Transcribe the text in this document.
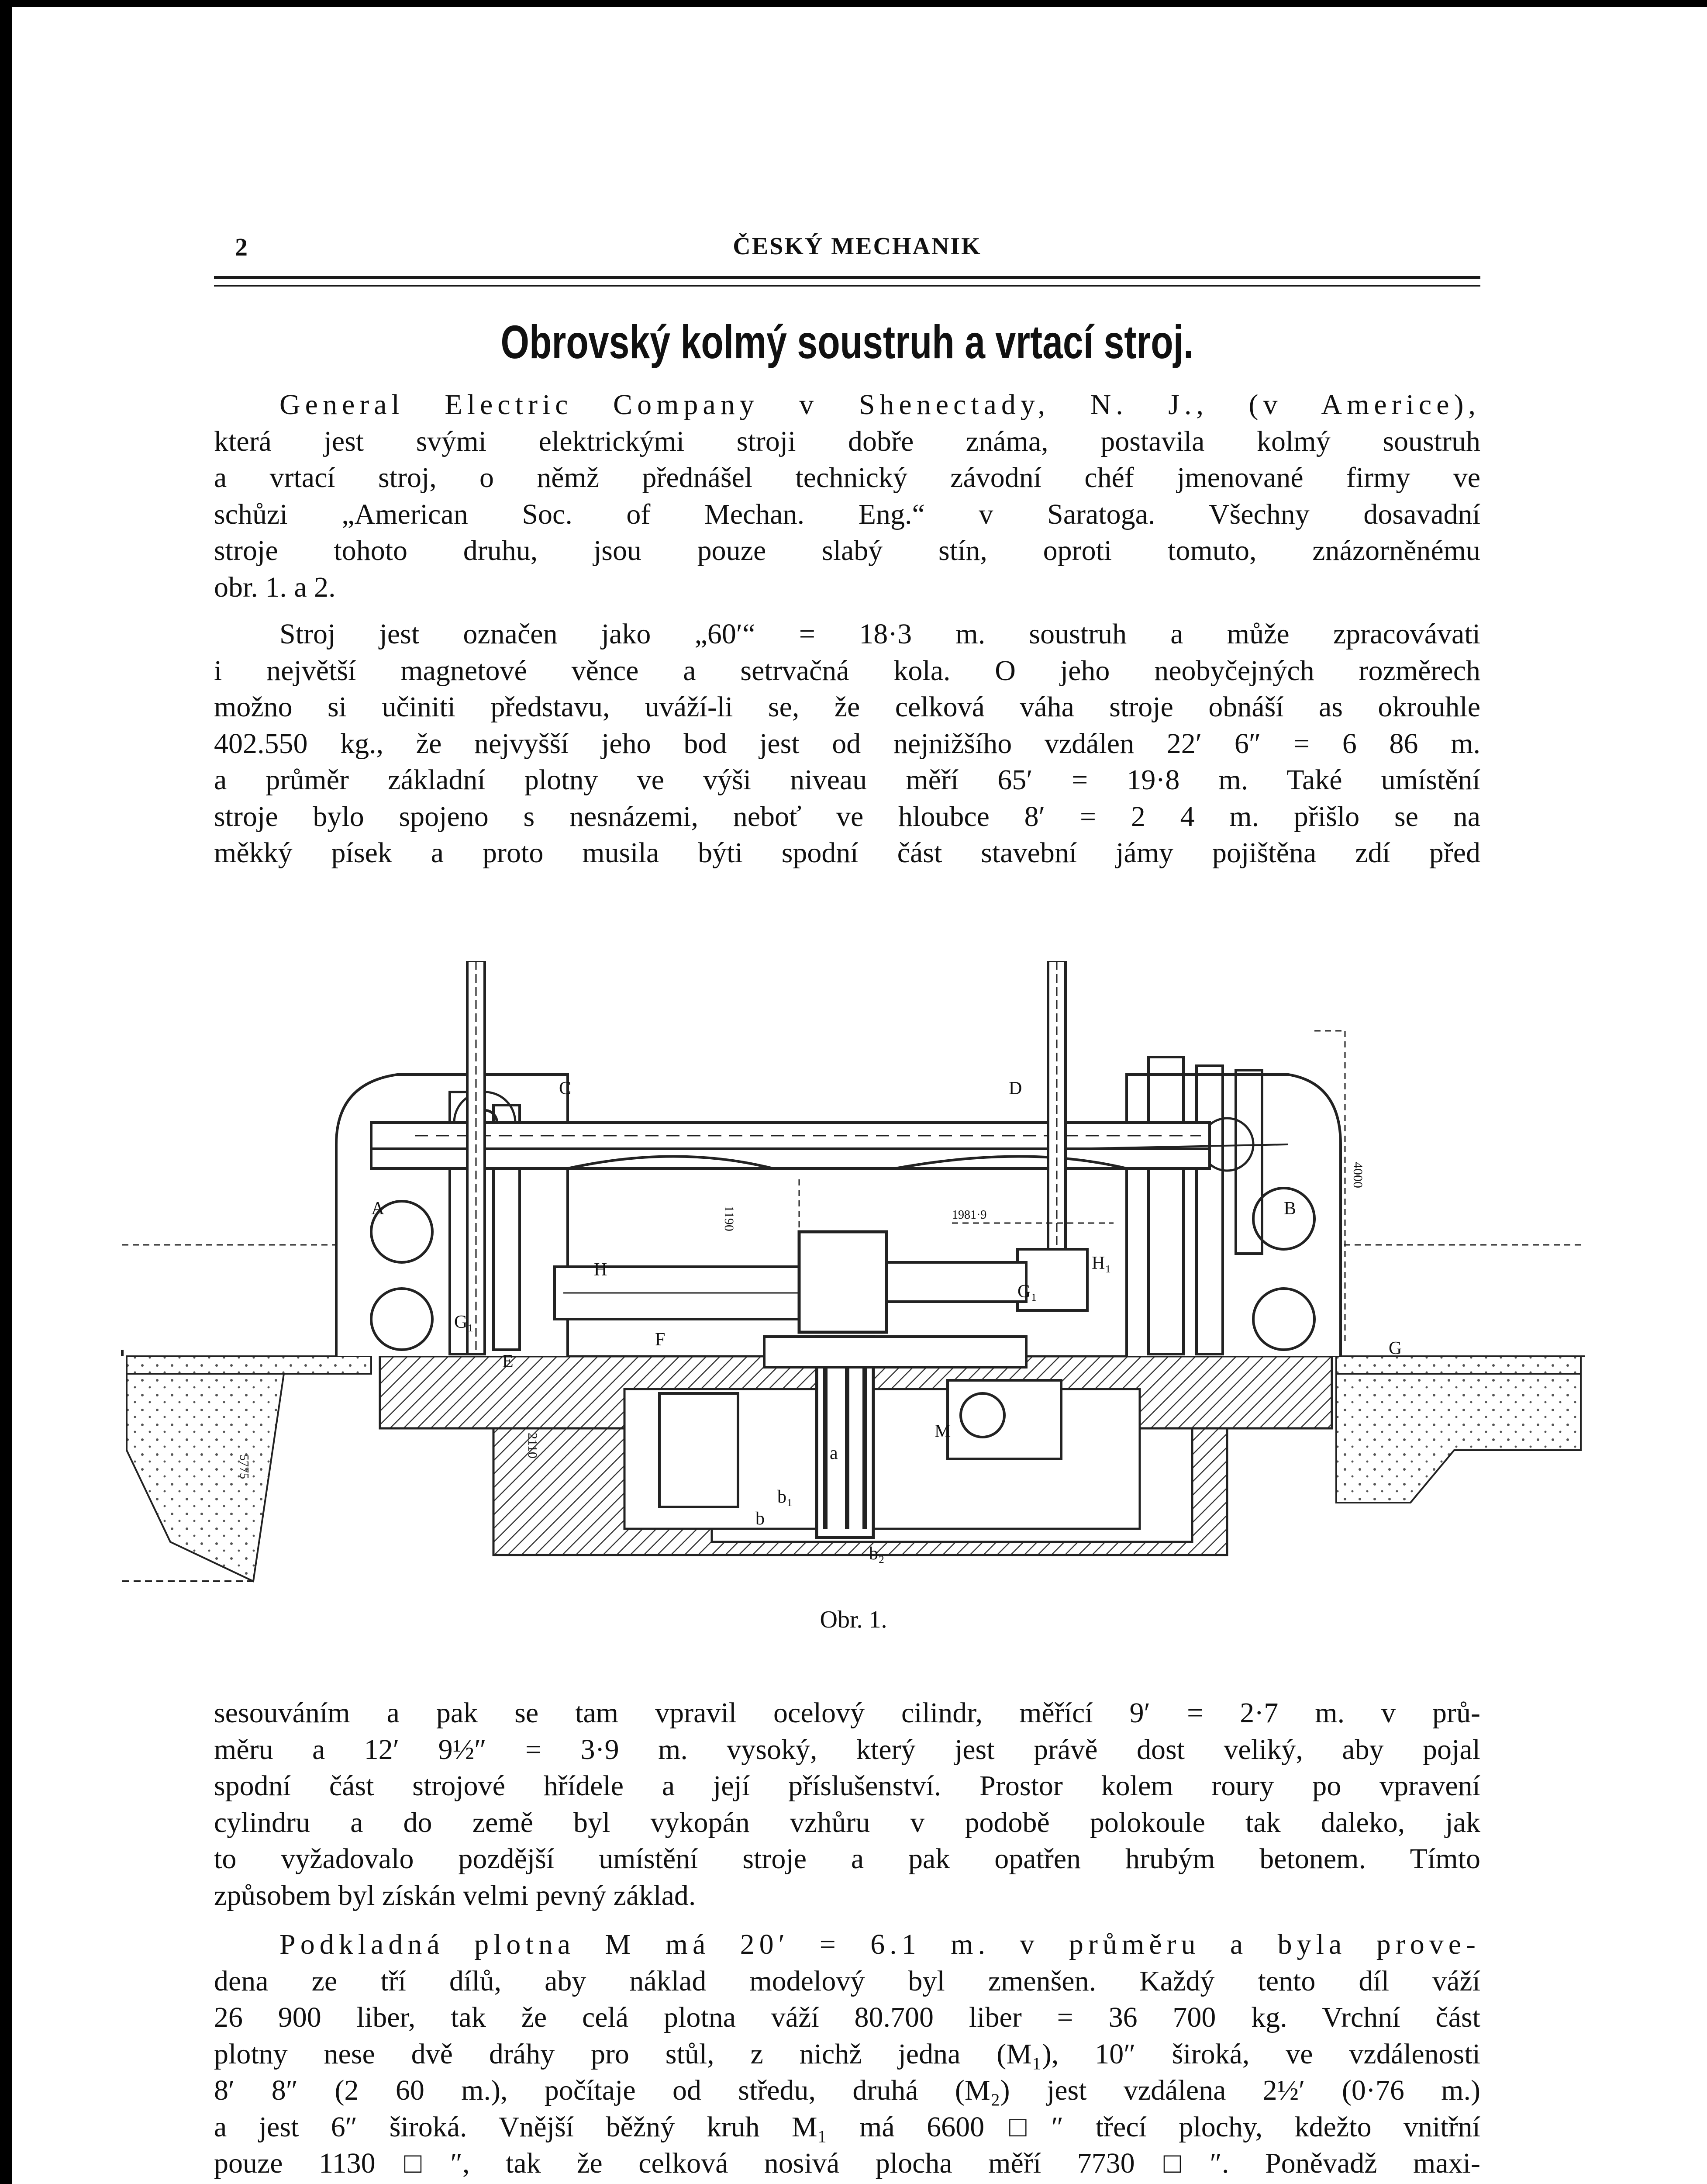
2	ČESKÝ MECHANIK
Obrovský kolmý soustruh a vrtací stroj.

General Electric Company v Shenectady, N. J., (v Americe),
která jest svými elektrickými stroji dobře známa, postavila kolmý soustruh
a vrtací stroj, o němž přednášel technický závodní chéf jmenované firmy ve
schůzi „American Soc. of Mechan. Eng.“ v Saratoga. Všechny dosavadní
stroje tohoto druhu, jsou pouze slabý stín, oproti tomuto, znázorněnému
obr. 1. a 2.

Stroj jest označen jako „60′“ = 18·3 m. soustruh a může zpracovávati
i největší magnetové věnce a setrvačná kola. O jeho neobyčejných rozměrech
možno si učiniti představu, uváží-li se, že celková váha stroje obnáší as okrouhle
402.550 kg., že nejvyšší jeho bod jest od nejnižšího vzdálen 22′ 6″ = 6 86 m.
a průměr základní plotny ve výši niveau měří 65′ = 19·8 m. Také umístění
stroje bylo spojeno s nesnázemi, neboť ve hloubce 8′ = 2 4 m. přišlo se na
měkký písek a proto musila býti spodní část stavební jámy pojištěna zdí před

C	D
A	B
H	H₁
G₁
G₁
F
E
G
M
b
b₁
b₂
a
4000
1190	1981·9
2110
5775
Obr. 1.

sesouváním a pak se tam vpravil ocelový cilindr, měřící 9′ = 2·7 m. v prů-
měru a 12′ 9½″ = 3·9 m. vysoký, který jest právě dost veliký, aby pojal
spodní část strojové hřídele a její příslušenství. Prostor kolem roury po vpravení
cylindru a do země byl vykopán vzhůru v podobě polokoule tak daleko, jak
to vyžadovalo pozdější umístění stroje a pak opatřen hrubým betonem. Tímto
způsobem byl získán velmi pevný základ.

Podkladná plotna M má 20′ = 6.1 m. v průměru a byla prove-
dena ze tří dílů, aby náklad modelový byl zmenšen. Každý tento díl váží
26 900 liber, tak že celá plotna váží 80.700 liber = 36 700 kg. Vrchní část
plotny nese dvě dráhy pro stůl, z nichž jedna (M₁), 10″ široká, ve vzdálenosti
8′ 8″ (2 60 m.), počítaje od středu, druhá (M₂) jest vzdálena 2½′ (0·76 m.)
a jest 6″ široká. Vnější běžný kruh M₁ má 6600□″ třecí plochy, kdežto vnitřní
pouze 1130□″, tak že celková nosivá plocha měří 7730□″. Poněvadž maxi-
